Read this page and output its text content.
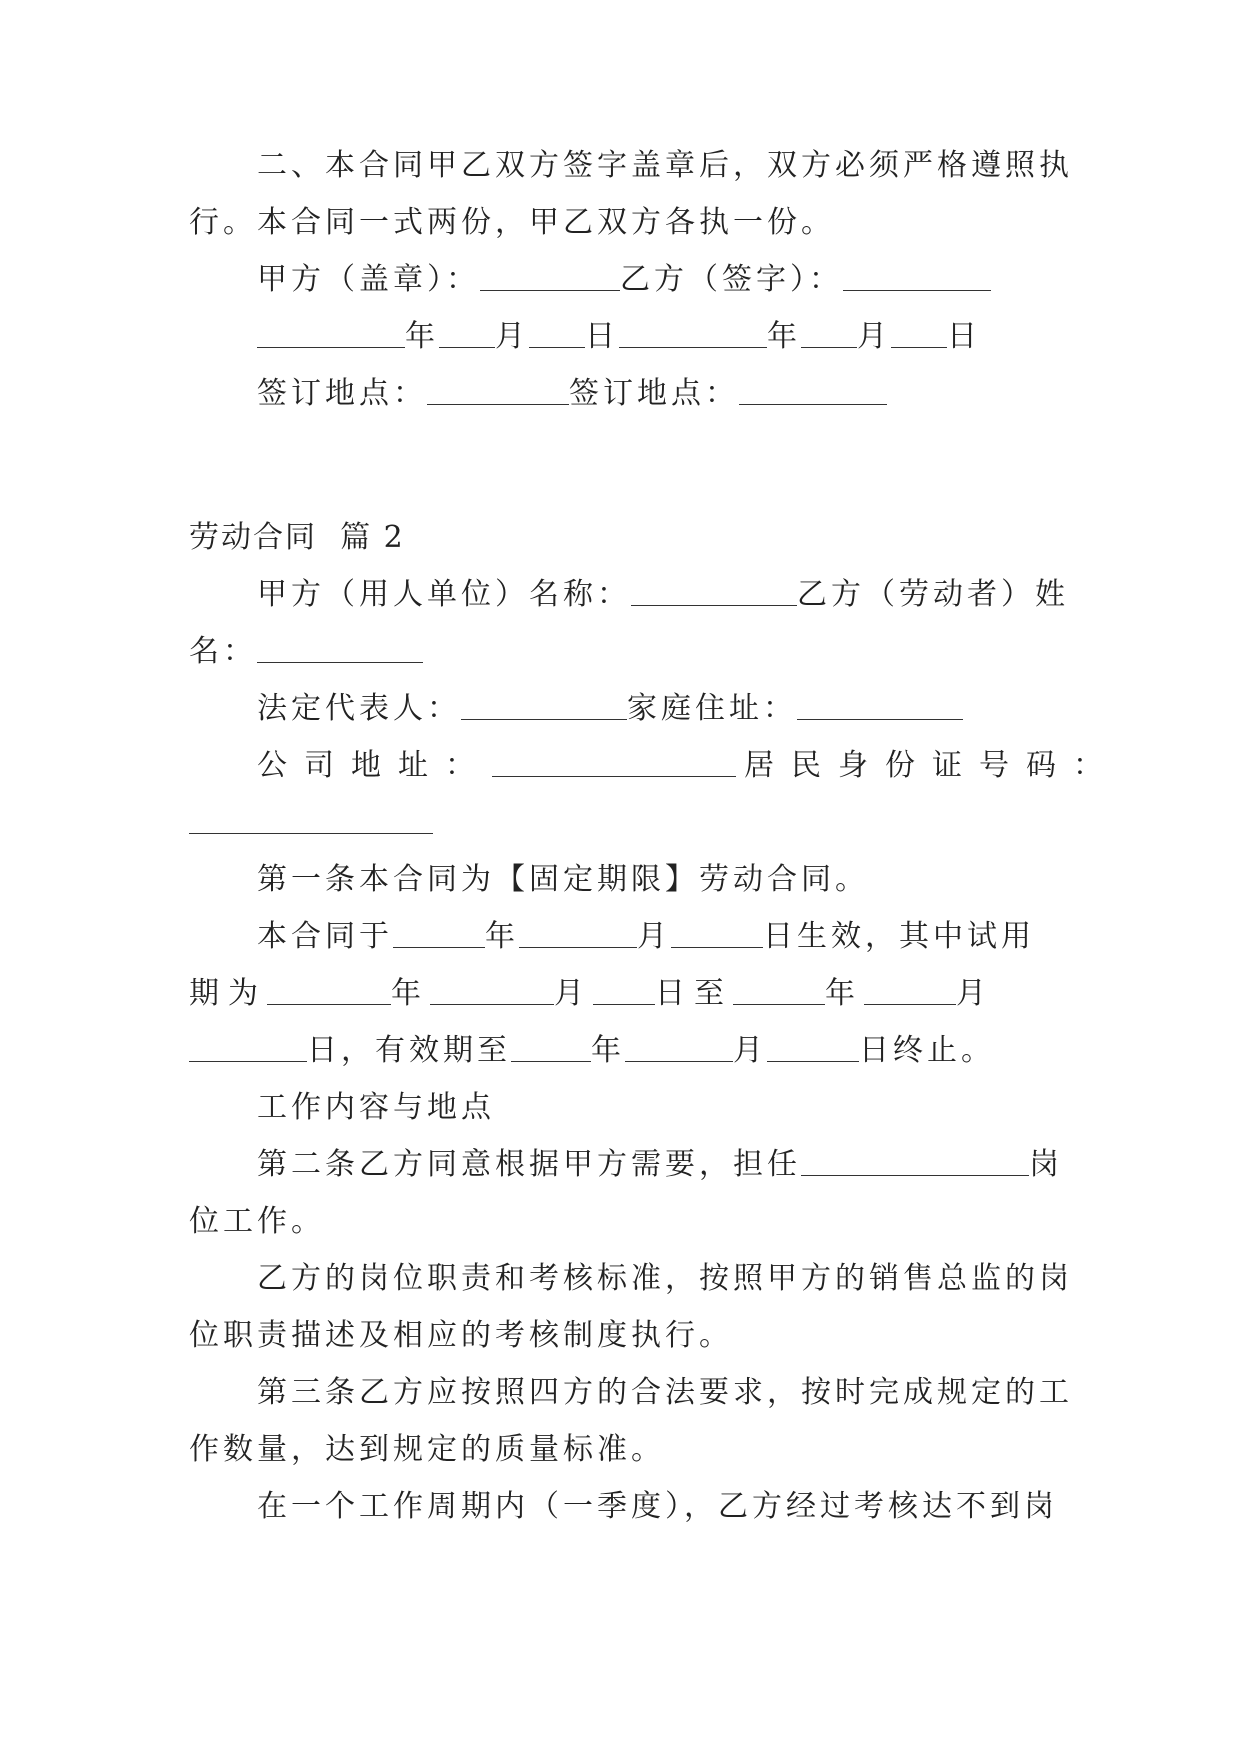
二、本合同甲乙双方签字盖章后，双方必须严格遵照执
行。本合同一式两份，甲乙双方各执一份。
甲方（盖章）：	乙方（签字）：
年 月 日	年 月 日
签订地点：	签订地点：
劳动合同  篇 2
甲方（用人单位）名称：	乙方（劳动者）姓
名：
法定代表人：	家庭住址：
公司地址：	居民身份证号码：
第一条本合同为【固定期限】劳动合同。
本合同于	年	月	日生效，其中试用
期为	年	月 日至	年	月
日，有效期至	年	月	日终止。
工作内容与地点
第二条乙方同意根据甲方需要，担任	岗
位工作。
乙方的岗位职责和考核标准，按照甲方的销售总监的岗
位职责描述及相应的考核制度执行。
第三条乙方应按照四方的合法要求，按时完成规定的工
作数量，达到规定的质量标准。
在一个工作周期内（一季度），乙方经过考核达不到岗
